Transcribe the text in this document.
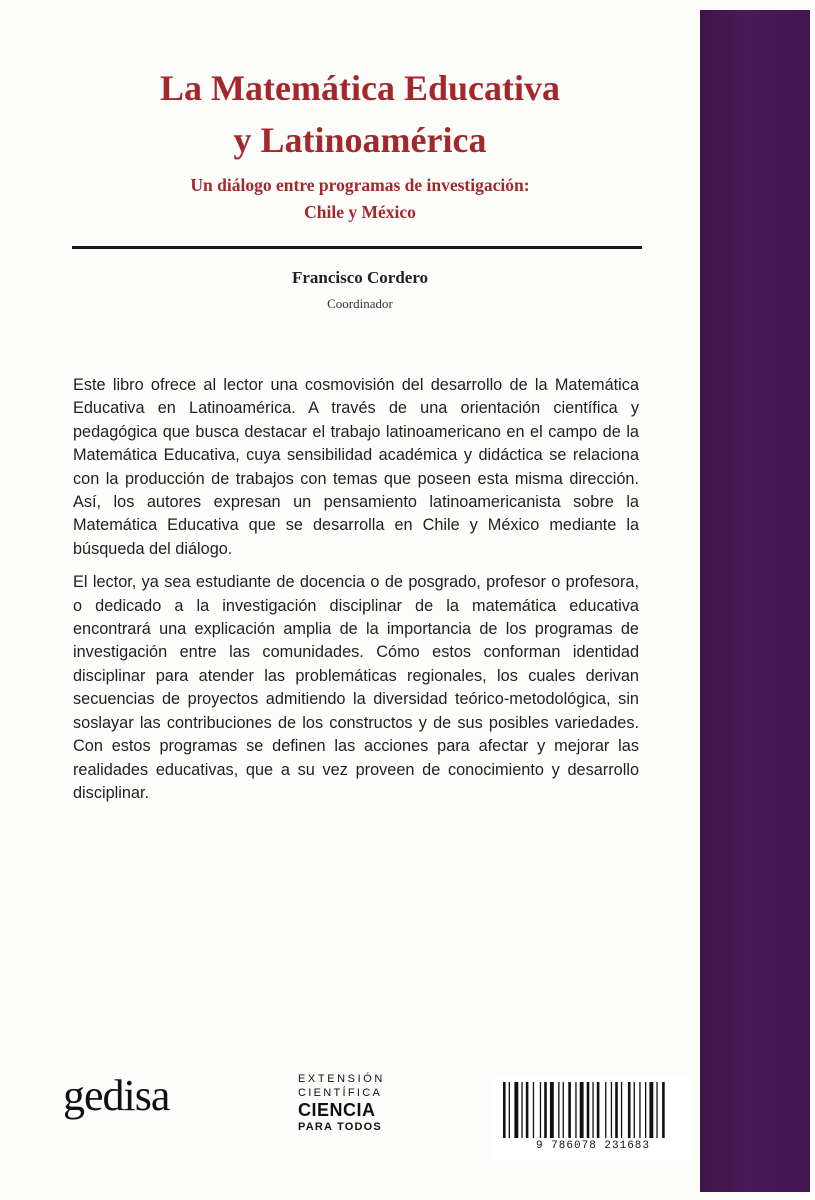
La Matemática Educativa
y Latinoamérica
Un diálogo entre programas de investigación:
Chile y México
Francisco Cordero
Coordinador

Este libro ofrece al lector una cosmovisión del desarrollo de la Matemática Educativa en Latinoamérica. A través de una orientación científica y pedagógica que busca destacar el trabajo latinoamericano en el campo de la Matemática Educativa, cuya sensibilidad académica y didáctica se relaciona con la producción de trabajos con temas que poseen esta misma dirección. Así, los autores expresan un pensamiento latinoamericanista sobre la Matemática Educativa que se desarrolla en Chile y México mediante la búsqueda del diálogo.

El lector, ya sea estudiante de docencia o de posgrado, profesor o profesora, o dedicado a la investigación disciplinar de la matemática educativa encontrará una explicación amplia de la importancia de los programas de investigación entre las comunidades. Cómo estos conforman identidad disciplinar para atender las problemáticas regionales, los cuales derivan secuencias de proyectos admitiendo la diversidad teórico-metodológica, sin soslayar las contribuciones de los constructos y de sus posibles variedades. Con estos programas se definen las acciones para afectar y mejorar las realidades educativas, que a su vez proveen de conocimiento y desarrollo disciplinar.

gedisa	EXTENSIÓN
CIENTÍFICA
CIENCIA
PARA TODOS
9 786078 231683
